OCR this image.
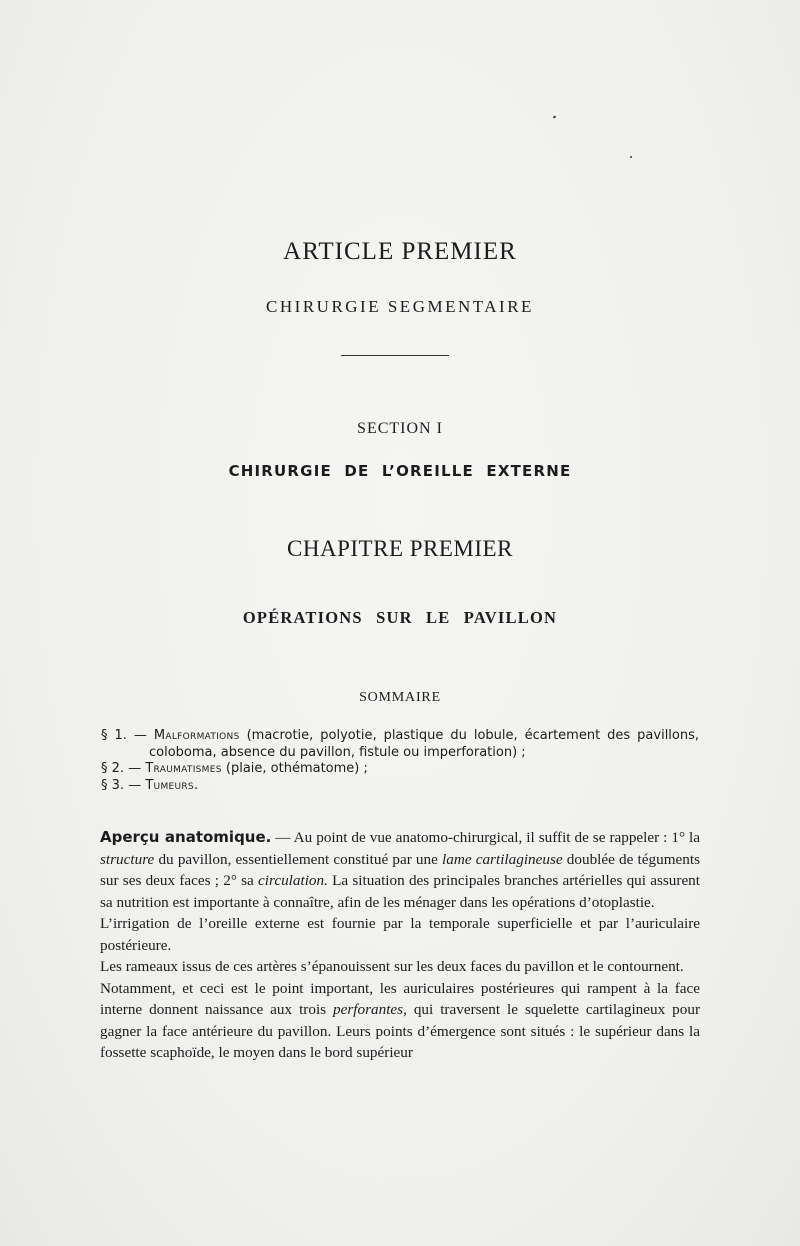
ARTICLE PREMIER
CHIRURGIE SEGMENTAIRE
SECTION I
CHIRURGIE DE L’OREILLE EXTERNE
CHAPITRE PREMIER
OPÉRATIONS SUR LE PAVILLON
SOMMAIRE
§ 1. — Malformations (macrotie, polyotie, plastique du lobule, écartement des pavillons, coloboma, absence du pavillon, fistule ou imperforation) ;
§ 2. — Traumatismes (plaie, othématome) ;
§ 3. — Tumeurs.

Aperçu anatomique. — Au point de vue anatomo-chirurgical, il suffit de se rappeler : 1° la structure du pavillon, essentiellement constitué par une lame cartilagineuse doublée de téguments sur ses deux faces ; 2° sa circulation. La situation des principales branches artérielles qui assurent sa nutrition est importante à connaître, afin de les ménager dans les opérations d’otoplastie.

L’irrigation de l’oreille externe est fournie par la temporale superficielle et par l’auriculaire postérieure.

Les rameaux issus de ces artères s’épanouissent sur les deux faces du pavillon et le contournent.

Notamment, et ceci est le point important, les auriculaires postérieures qui rampent à la face interne donnent naissance aux trois perforantes, qui traversent le squelette cartilagineux pour gagner la face antérieure du pavillon. Leurs points d’émergence sont situés : le supérieur dans la fossette scaphoïde, le moyen dans le bord supérieur
